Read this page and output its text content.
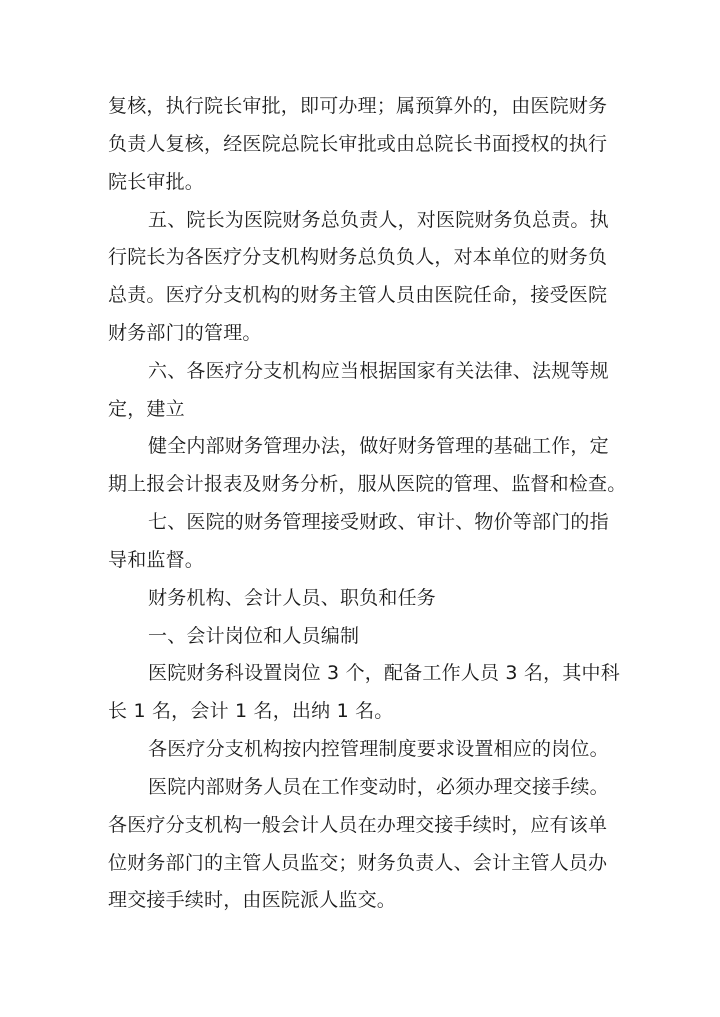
复核，执行院长审批，即可办理；属预算外的，由医院财务
负责人复核，经医院总院长审批或由总院长书面授权的执行
院长审批。
五、院长为医院财务总负责人，对医院财务负总责。执
行院长为各医疗分支机构财务总负负人，对本单位的财务负
总责。医疗分支机构的财务主管人员由医院任命，接受医院
财务部门的管理。
六、各医疗分支机构应当根据国家有关法律、法规等规
定，建立
健全内部财务管理办法，做好财务管理的基础工作，定
期上报会计报表及财务分析，服从医院的管理、监督和检查。
七、医院的财务管理接受财政、审计、物价等部门的指
导和监督。
财务机构、会计人员、职负和任务
一、会计岗位和人员编制
医院财务科设置岗位 3 个，配备工作人员 3 名，其中科
长 1 名，会计 1 名，出纳 1 名。
各医疗分支机构按内控管理制度要求设置相应的岗位。
医院内部财务人员在工作变动时，必须办理交接手续。
各医疗分支机构一般会计人员在办理交接手续时，应有该单
位财务部门的主管人员监交；财务负责人、会计主管人员办
理交接手续时，由医院派人监交。
